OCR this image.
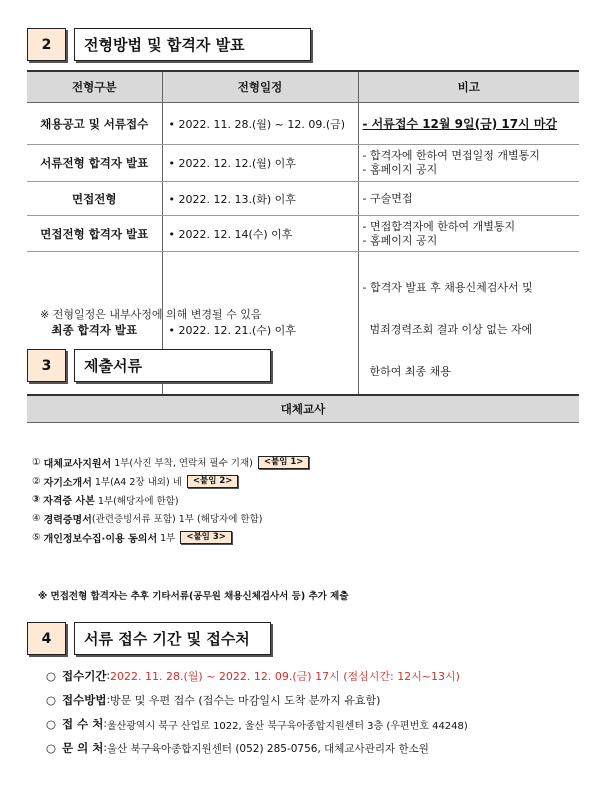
2	전형방법 및 합격자 발표
전형구분	전형일정	비고
채용공고 및 서류접수	• 2022. 11. 28.(월) ~ 12. 09.(금)	- 서류접수 12월 9일(금) 17시 마감

서류전형 합격자 발표	• 2022. 12. 12.(월) 이후	- 합격자에 한하여 면접일정 개별통지
- 홈페이지 공지

면접전형	• 2022. 12. 13.(화) 이후	- 구술면접

면접전형 합격자 발표	• 2022. 12. 14(수) 이후	- 면접합격자에 한하여 개별통지
- 홈페이지 공지

최종 합격자 발표	• 2022. 12. 21.(수) 이후	- 합격자 발표 후 채용신체검사서 및

범죄경력조회 결과 이상 없는 자에

한하여 최종 채용

※ 전형일정은 내부사정에 의해 변경될 수 있음
3	제출서류
대체교사
①
대체교사지원서 1부(사진 부착, 연락처 필수 기재)	<붙임 1>
②
자기소개서 1부(A4 2장 내외) 네	<붙임 2>
③
자격증 사본 1부(해당자에 한함)
④
경력증명서 (관련증빙서류 포함) 1부 (해당자에 한함)
⑤
개인정보수집·이용 동의서 1부	<붙임 3>
※ 면접전형 합격자는 추후 기타서류(공무원 채용신체검사서 등) 추가 제출
4	서류 접수 기간 및 접수처
○ 접수기간 : 2022. 11. 28.(월) ~ 2022. 12. 09.(금) 17시 (점심시간: 12시~13시)
○ 접수방법 : 방문 및 우편 접수 (접수는 마감일시 도착 분까지 유효함)
○ 접 수 처 : 울산광역시 북구 산업로 1022, 울산 북구육아종합지원센터 3층 (우편번호 44248)
○ 문 의 처 : 울산 북구육아종합지원센터 (052) 285-0756, 대체교사관리자 한소원
